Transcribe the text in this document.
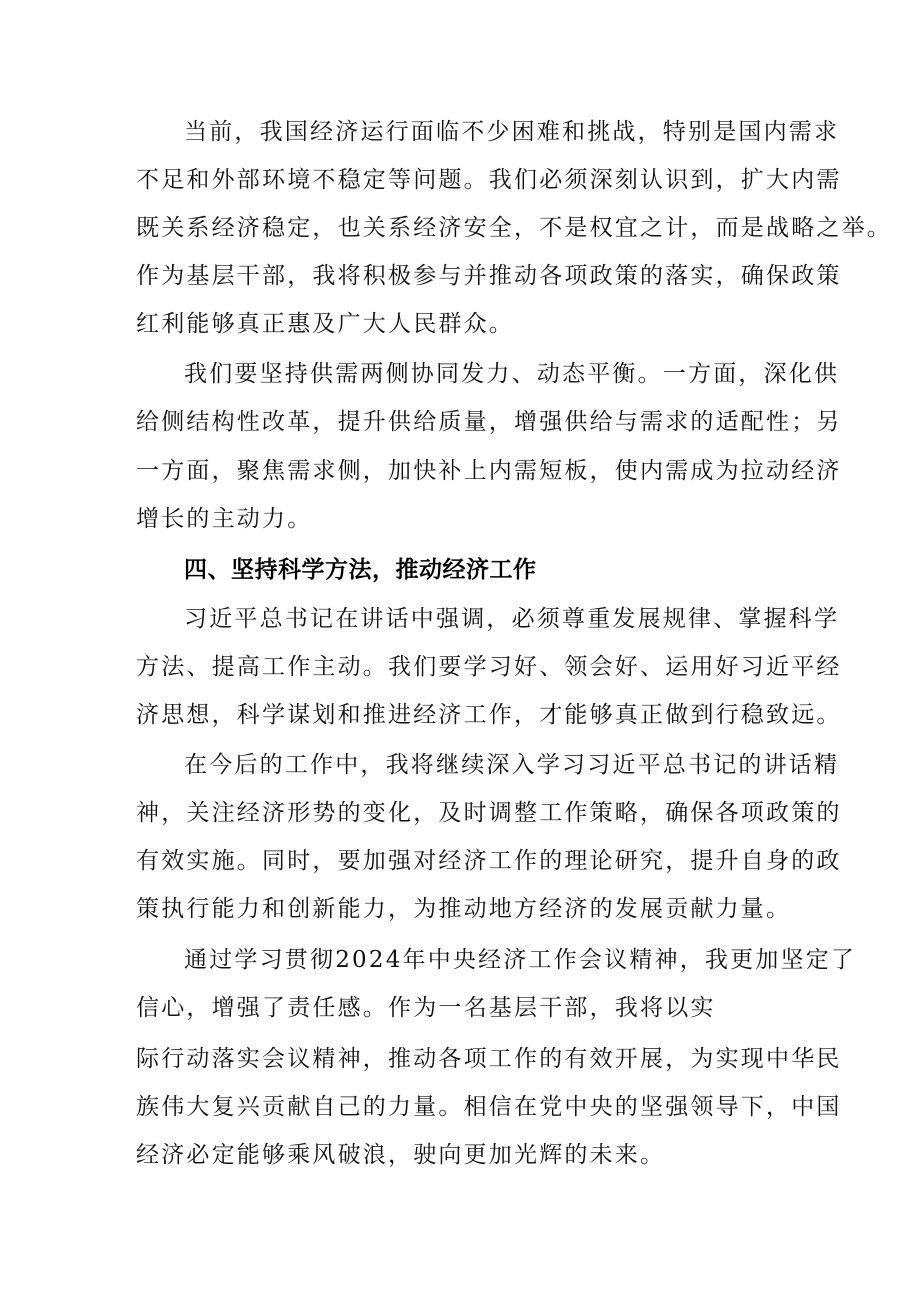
当前，我国经济运行面临不少困难和挑战，特别是国内需求

不足和外部环境不稳定等问题。我们必须深刻认识到，扩大内需

既关系经济稳定，也关系经济安全，不是权宜之计，而是战略之举。

作为基层干部，我将积极参与并推动各项政策的落实，确保政策

红利能够真正惠及广大人民群众。

我们要坚持供需两侧协同发力、动态平衡。一方面，深化供

给侧结构性改革，提升供给质量，增强供给与需求的适配性；另

一方面，聚焦需求侧，加快补上内需短板，使内需成为拉动经济

增长的主动力。

四、坚持科学方法，推动经济工作

习近平总书记在讲话中强调，必须尊重发展规律、掌握科学

方法、提高工作主动。我们要学习好、领会好、运用好习近平经

济思想，科学谋划和推进经济工作，才能够真正做到行稳致远。

在今后的工作中，我将继续深入学习习近平总书记的讲话精

神，关注经济形势的变化，及时调整工作策略，确保各项政策的

有效实施。同时，要加强对经济工作的理论研究，提升自身的政

策执行能力和创新能力，为推动地方经济的发展贡献力量。

通过学习贯彻2024年中央经济工作会议精神，我更加坚定了

信心，增强了责任感。作为一名基层干部，我将以实

际行动落实会议精神，推动各项工作的有效开展，为实现中华民

族伟大复兴贡献自己的力量。相信在党中央的坚强领导下，中国

经济必定能够乘风破浪，驶向更加光辉的未来。
